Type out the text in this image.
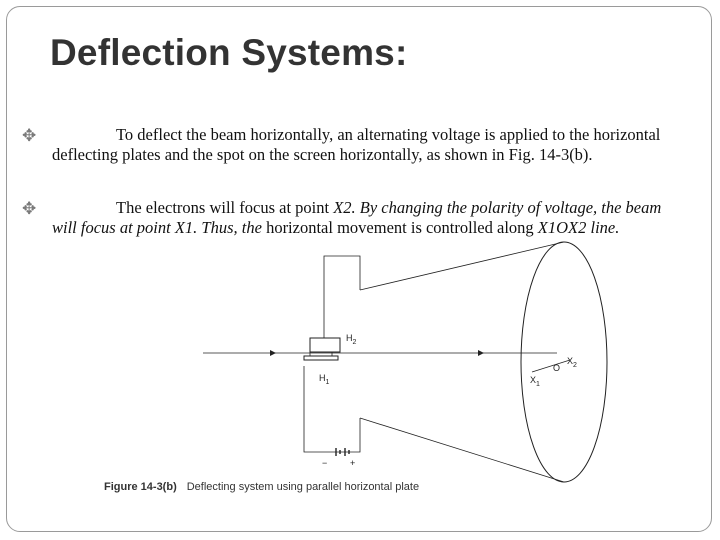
Deflection Systems:
✥	To deflect the beam horizontally, an alternating voltage is applied to the horizontal deflecting plates and the spot on the screen horizontally, as shown in Fig. 14-3(b).
✥	The electrons will focus at point X2. By changing the polarity of voltage, the beam will focus at point X1. Thus, the horizontal movement is controlled along X1OX2 line.
$H_2$
$H_1$	$X_1$
O
$X_2$
−	+
Figure 14-3(b) Deflecting system using parallel horizontal plate
